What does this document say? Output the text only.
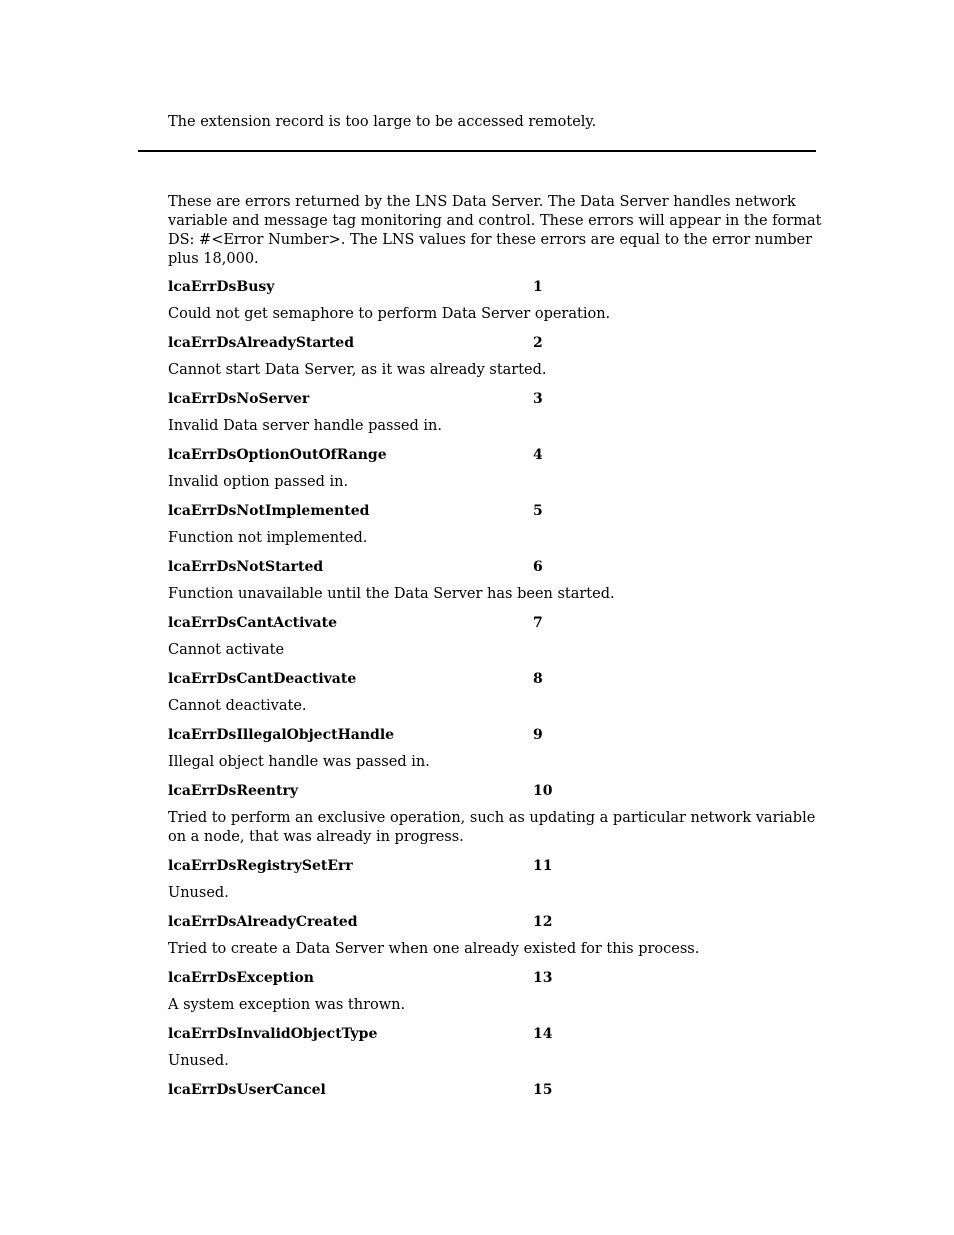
The extension record is too large to be accessed remotely.

These are errors returned by the LNS Data Server. The Data Server handles network

variable and message tag monitoring and control. These errors will appear in the format

DS: #<Error Number>. The LNS values for these errors are equal to the error number

plus 18,000.

lcaErrDsBusy	1
Could not get semaphore to perform Data Server operation.
lcaErrDsAlreadyStarted	2
Cannot start Data Server, as it was already started.
lcaErrDsNoServer	3
Invalid Data server handle passed in.
lcaErrDsOptionOutOfRange	4
Invalid option passed in.
lcaErrDsNotImplemented	5
Function not implemented.
lcaErrDsNotStarted	6
Function unavailable until the Data Server has been started.
lcaErrDsCantActivate	7
Cannot activate
lcaErrDsCantDeactivate	8
Cannot deactivate.
lcaErrDsIllegalObjectHandle	9
Illegal object handle was passed in.
lcaErrDsReentry	10
Tried to perform an exclusive operation, such as updating a particular network variable
on a node, that was already in progress.
lcaErrDsRegistrySetErr	11
Unused.
lcaErrDsAlreadyCreated	12
Tried to create a Data Server when one already existed for this process.
lcaErrDsException	13
A system exception was thrown.
lcaErrDsInvalidObjectType	14
Unused.
lcaErrDsUserCancel	15
